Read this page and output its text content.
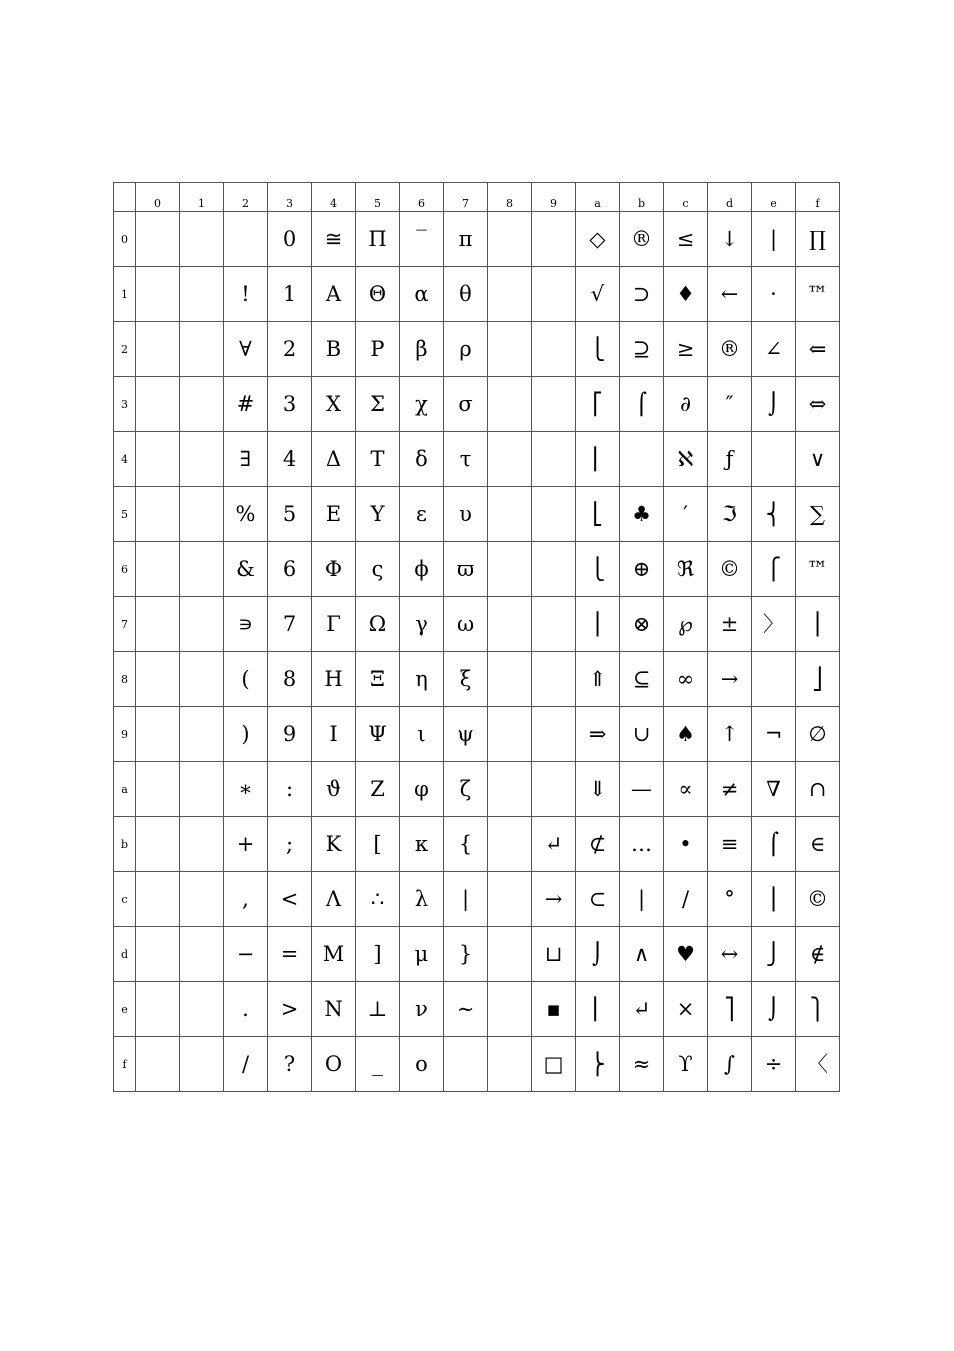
	0	1	2	3	4	5	6	7	8	9	a	b	c	d	e	f
0				0	≅	Π	‾	π			◇	®	≤	↓	|	∏
1			!	1	Α	Θ	α	θ			√	⊃	♦	←	·	™
2			∀	2	Β	Ρ	β	ρ			⎩	⊇	≥	®	∠	⇐
3			#	3	Χ	Σ	χ	σ			⎡	⌠	∂	″	⌡	⇔
4			∃	4	Δ	Τ	δ	τ			⎢		ℵ	ƒ		∨
5			%	5	Ε	Υ	ε	υ			⎣	♣	′	ℑ	⎨	∑
6			&	6	Φ	ς	ϕ	ϖ			⎩	⊕	ℜ	©	⎧	™
7			∍	7	Γ	Ω	γ	ω			⎪	⊗	℘	±	〉	⎪
8			(	8	Η	Ξ	η	ξ			⇑	⊆	∞	→		⎦
9			)	9	Ι	Ψ	ι	ψ			⇒	∪	♠	↑	¬	∅
a			∗	:	ϑ	Ζ	φ	ζ			⇓	—	∝	≠	∇	∩
b			+	;	Κ	[	κ	{		↵	⊄	…	•	≡	⌠	∈
c			,	<	Λ	∴	λ	|		→	⊂	|	/	°	⎪	©
d			−	=	Μ	]	μ	}		⊔	⌡	∧	♥	↔	⎭	∉
e			.	>	Ν	⊥	ν	∼		▪	⎢	↵	×	⎤	⌡	⎫
f			/	?	Ο	_	ο			□	⎬	≈	ϒ	∫	÷	〈
